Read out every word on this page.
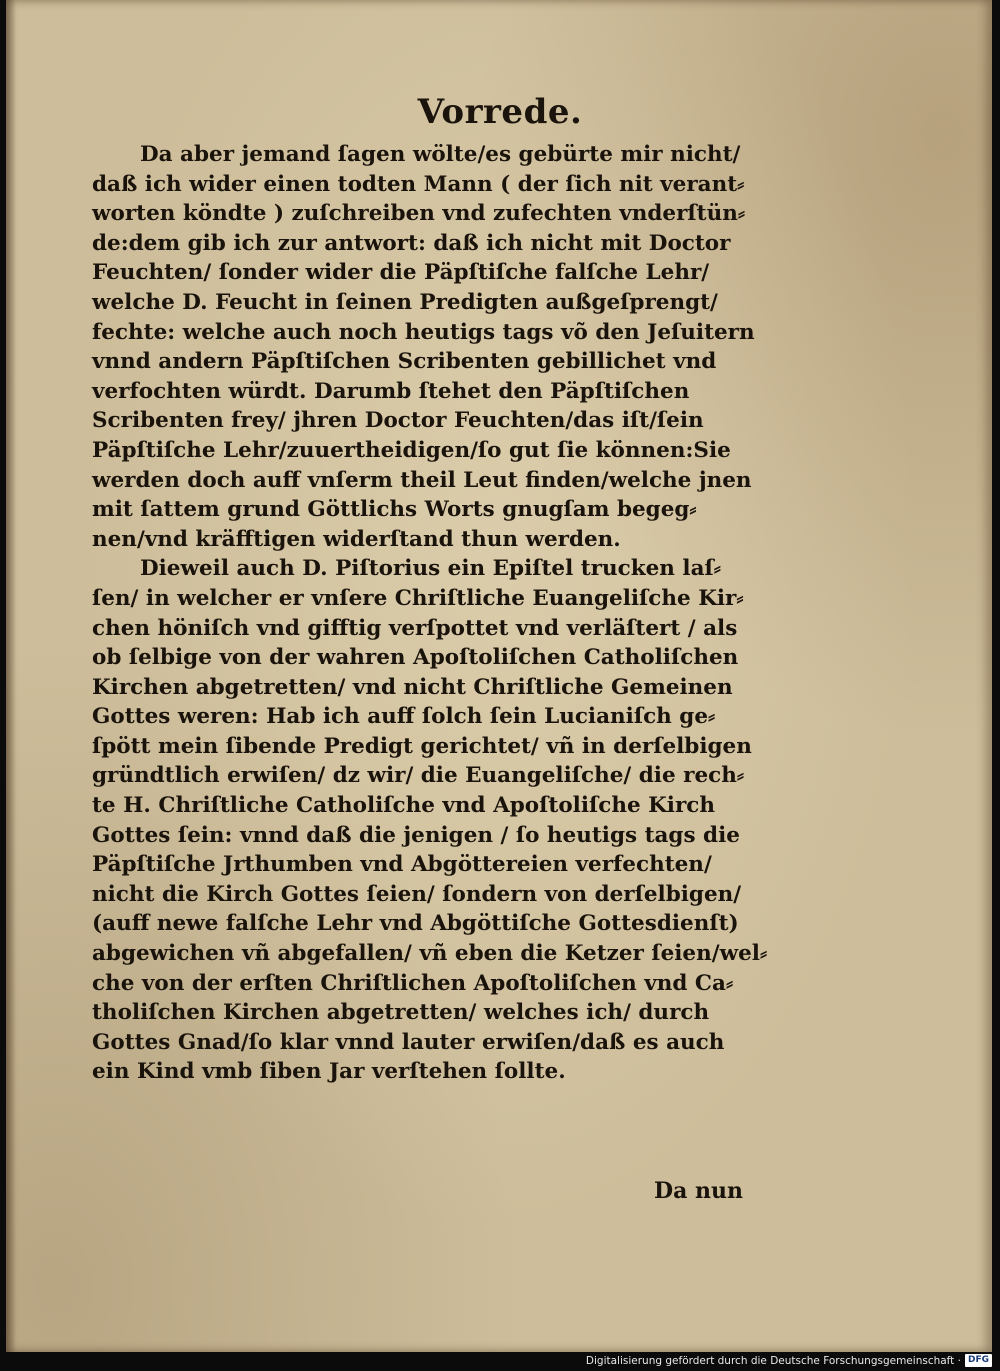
Vorrede.
Da aber jemand ſagen wölte/es gebürte mir nicht/
daß ich wider einen todten Mann ( der ſich nit verant⸗
worten köndte ) zuſchreiben vnd zufechten vnderſtün⸗
de:dem gib ich zur antwort: daß ich nicht mit Doctor
Feuchten/ ſonder wider die Päpſtiſche falſche Lehr/
welche D. Feucht in ſeinen Predigten außgeſprengt/
fechte: welche auch noch heutigs tags võ den Jeſuitern
vnnd andern Päpſtiſchen Scribenten gebillichet vnd
verfochten würdt. Darumb ſtehet den Päpſtiſchen
Scribenten frey/ jhren Doctor Feuchten/das iſt/ſein
Päpſtiſche Lehr/zuuertheidigen/ſo gut ſie können:Sie
werden doch auff vnſerm theil Leut finden/welche jnen
mit ſattem grund Göttlichs Worts gnugſam begeg⸗
nen/vnd kräfftigen widerſtand thun werden.
Dieweil auch D. Piſtorius ein Epiſtel trucken laſ⸗
ſen/ in welcher er vnſere Chriſtliche Euangeliſche Kir⸗
chen höniſch vnd gifftig verſpottet vnd verläſtert / als
ob ſelbige von der wahren Apoſtoliſchen Catholiſchen
Kirchen abgetretten/ vnd nicht Chriſtliche Gemeinen
Gottes weren: Hab ich auff ſolch ſein Lucianiſch ge⸗
ſpött mein ſibende Predigt gerichtet/ vñ in derſelbigen
gründtlich erwiſen/ dz wir/ die Euangeliſche/ die rech⸗
te H. Chriſtliche Catholiſche vnd Apoſtoliſche Kirch
Gottes ſein: vnnd daß die jenigen / ſo heutigs tags die
Päpſtiſche Jrthumben vnd Abgöttereien verfechten/
nicht die Kirch Gottes ſeien/ ſondern von derſelbigen/
(auff newe falſche Lehr vnd Abgöttiſche Gottesdienſt)
abgewichen vñ abgefallen/ vñ eben die Ketzer ſeien/wel⸗
che von der erſten Chriſtlichen Apoſtoliſchen vnd Ca⸗
tholiſchen Kirchen abgetretten/ welches ich/ durch
Gottes Gnad/ſo klar vnnd lauter erwiſen/daß es auch
ein Kind vmb ſiben Jar verſtehen ſollte.
Da nun
Digitalisierung gefördert durch die Deutsche Forschungsgemeinschaft · DFG
